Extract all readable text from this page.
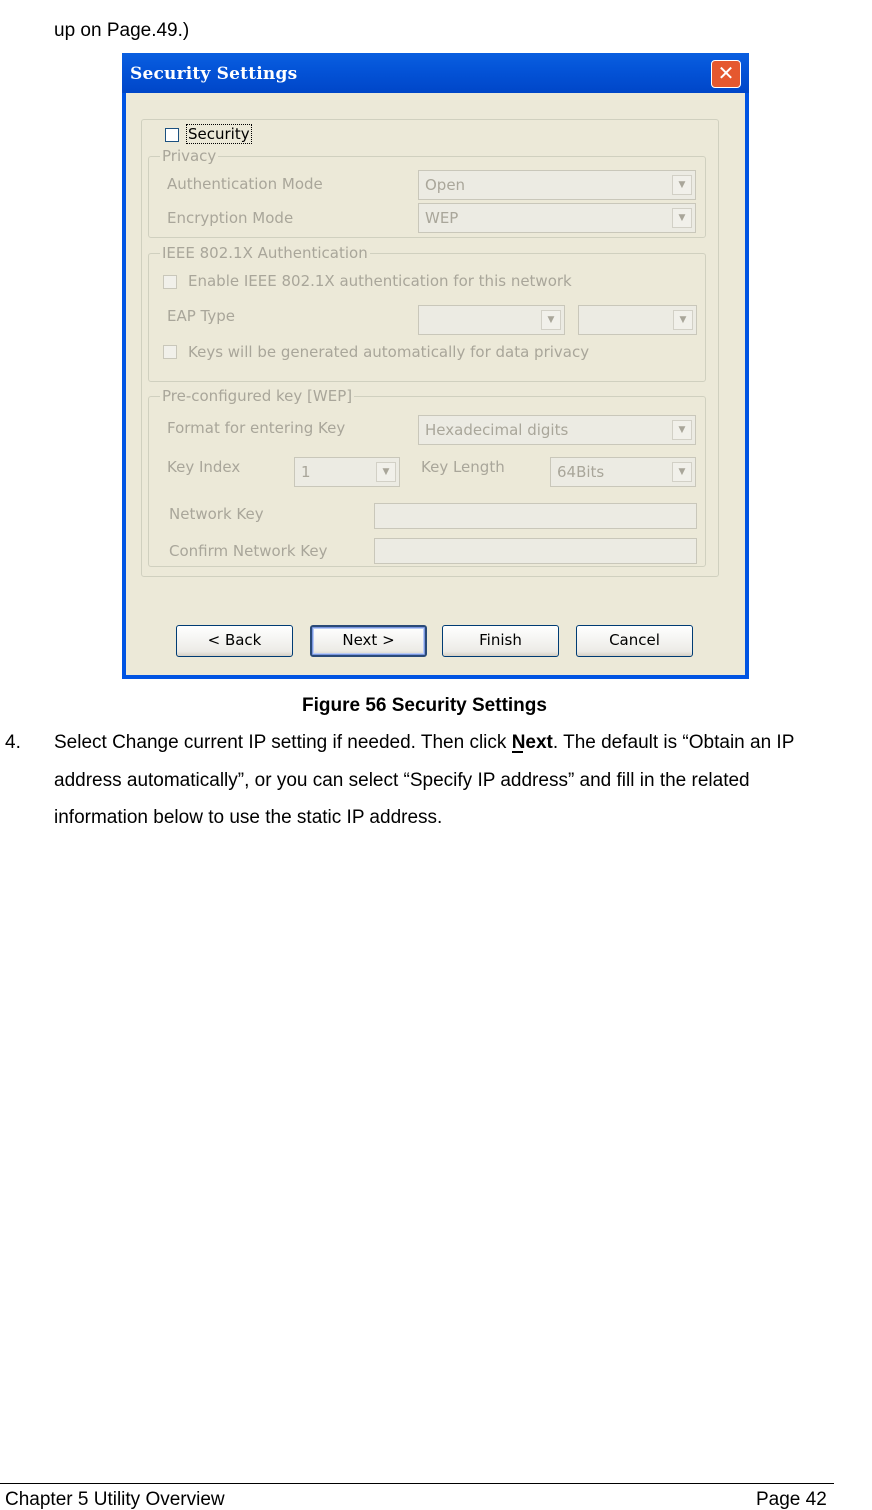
up on Page.49.)
Security Settings	✕
Security
Privacy
Authentication Mode	Open	▼
Encryption Mode	WEP	▼
IEEE 802.1X Authentication
Enable IEEE 802.1X authentication for this network
EAP Type	▼	▼
Keys will be generated automatically for data privacy
Pre-configured key [WEP]
Format for entering Key	Hexadecimal digits	▼
Key Index	1	▼	Key Length	64Bits	▼
Network Key
Confirm Network Key
< Back	Next >	Finish	Cancel
Figure 56 Security Settings
4. Select Change current IP setting if needed. Then click Next. The default is “Obtain an IP
address automatically”, or you can select “Specify IP address” and fill in the related
information below to use the static IP address.
Chapter 5 Utility Overview	Page 42
